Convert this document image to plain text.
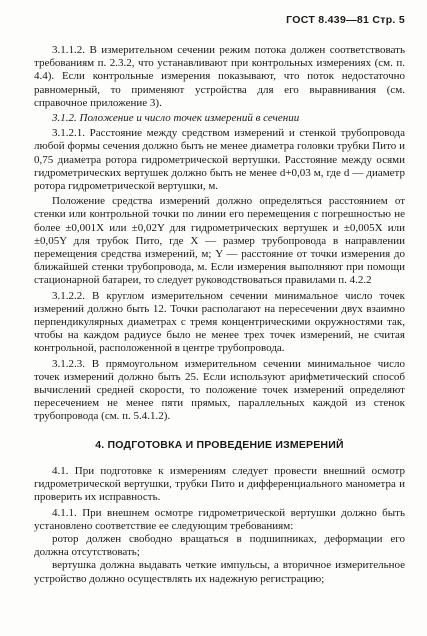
ГОСТ 8.439—81 Стр. 5

3.1.1.2. В измерительном сечении режим потока должен соответствовать требованиям п. 2.3.2, что устанавливают при контрольных измерениях (см. п. 4.4). Если контрольные измерения показывают, что поток недостаточно равномерный, то применяют устройства для его выравнивания (см. справочное приложение 3).

3.1.2. Положение и число точек измерений в сечении

3.1.2.1. Расстояние между средством измерений и стенкой трубопровода любой формы сечения должно быть не менее диаметра головки трубки Пито и 0,75 диаметра ротора гидрометрической вертушки. Расстояние между осями гидрометрических вертушек должно быть не менее d+0,03 м, где d — диаметр ротора гидрометрической вертушки, м.

Положение средства измерений должно определяться расстоянием от стенки или контрольной точки по линии его перемещения с погрешностью не более ±0,001X или ±0,02Y для гидрометрических вертушек и ±0,005X или ±0,05Y для трубок Пито, где X — размер трубопровода в направлении перемещения средства измерений, м; Y — расстояние от точки измерения до ближайшей стенки трубопровода, м. Если измерения выполняют при помощи стационарной батареи, то следует руководствоваться правилами п. 4.2.2

3.1.2.2. В круглом измерительном сечении минимальное число точек измерений должно быть 12. Точки располагают на пересечении двух взаимно перпендикулярных диаметрах с тремя концентрическими окружностями так, чтобы на каждом радиусе было не менее трех точек измерений, не считая контрольной, расположенной в центре трубопровода.

3.1.2.3. В прямоугольном измерительном сечении минимальное число точек измерений должно быть 25. Если используют арифметический способ вычислений средней скорости, то положение точек измерений определяют пересечением не менее пяти прямых, параллельных каждой из стенок трубопровода (см. п. 5.4.1.2).

4. ПОДГОТОВКА И ПРОВЕДЕНИЕ ИЗМЕРЕНИЙ

4.1. При подготовке к измерениям следует провести внешний осмотр гидрометрической вертушки, трубки Пито и дифференциального манометра и проверить их исправность.

4.1.1. При внешнем осмотре гидрометрической вертушки должно быть установлено соответствие ее следующим требованиям:

ротор должен свободно вращаться в подшипниках, деформации его должна отсутствовать;

вертушка должна выдавать четкие импульсы, а вторичное измерительное устройство должно осуществлять их надежную регистрацию;
